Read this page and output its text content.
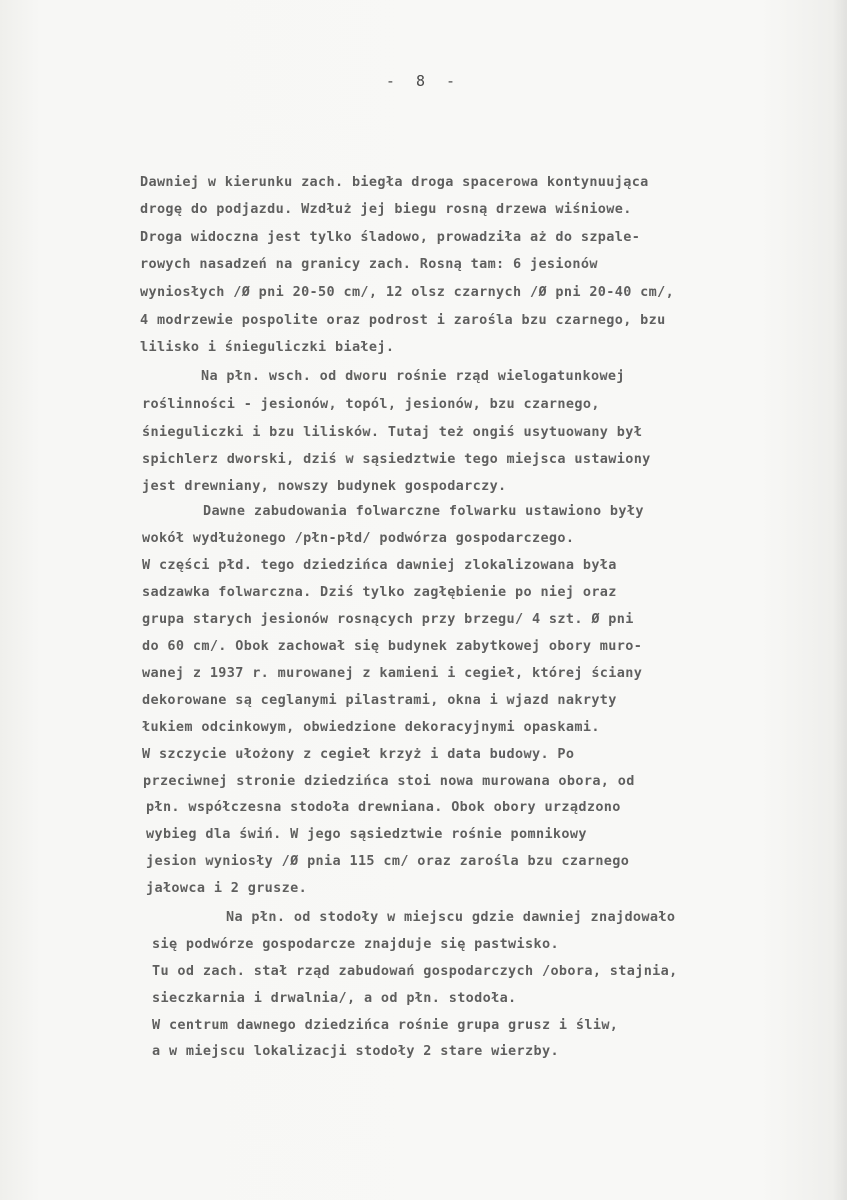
- 8 -
Dawniej w kierunku zach. biegła droga spacerowa kontynuująca
drogę do podjazdu. Wzdłuż jej biegu rosną drzewa wiśniowe.
Droga widoczna jest tylko śladowo, prowadziła aż do szpale-
rowych nasadzeń na granicy zach. Rosną tam: 6 jesionów
wyniosłych /Ø pni 20-50 cm/, 12 olsz czarnych /Ø pni 20-40 cm/,
4 modrzewie pospolite oraz podrost i zarośla bzu czarnego, bzu
lilisko i śnieguliczki białej.
Na płn. wsch. od dworu rośnie rząd wielogatunkowej
roślinności - jesionów, topól, jesionów, bzu czarnego,
śnieguliczki i bzu lilisków. Tutaj też ongiś usytuowany był
spichlerz dworski, dziś w sąsiedztwie tego miejsca ustawiony
jest drewniany, nowszy budynek gospodarczy.
Dawne zabudowania folwarczne folwarku ustawiono były
wokół wydłużonego /płn-płd/ podwórza gospodarczego.
W części płd. tego dziedzińca dawniej zlokalizowana była
sadzawka folwarczna. Dziś tylko zagłębienie po niej oraz
grupa starych jesionów rosnących przy brzegu/ 4 szt. Ø pni
do 60 cm/. Obok zachował się budynek zabytkowej obory muro-
wanej z 1937 r. murowanej z kamieni i cegieł, której ściany
dekorowane są ceglanymi pilastrami, okna i wjazd nakryty
łukiem odcinkowym, obwiedzione dekoracyjnymi opaskami.
W szczycie ułożony z cegieł krzyż i data budowy. Po
przeciwnej stronie dziedzińca stoi nowa murowana obora, od
płn. współczesna stodoła drewniana. Obok obory urządzono
wybieg dla świń. W jego sąsiedztwie rośnie pomnikowy
jesion wyniosły /Ø pnia 115 cm/ oraz zarośla bzu czarnego
jałowca i 2 grusze.
Na płn. od stodoły w miejscu gdzie dawniej znajdowało
się podwórze gospodarcze znajduje się pastwisko.
Tu od zach. stał rząd zabudowań gospodarczych /obora, stajnia,
sieczkarnia i drwalnia/, a od płn. stodoła.
W centrum dawnego dziedzińca rośnie grupa grusz i śliw,
a w miejscu lokalizacji stodoły 2 stare wierzby.
